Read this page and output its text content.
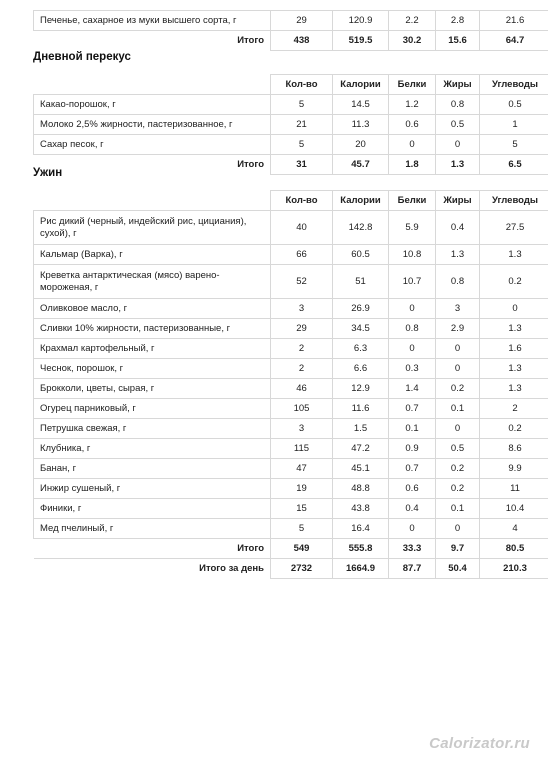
Печенье, сахарное из муки высшего сорта, г	29	120.9	2.2	2.8	21.6
Итого	438	519.5	30.2	15.6	64.7
Дневной перекус
	Кол-во	Калории	Белки	Жиры	Углеводы
Какао-порошок, г	5	14.5	1.2	0.8	0.5
Молоко 2,5% жирности, пастеризованное, г	21	11.3	0.6	0.5	1
Сахар песок, г	5	20	0	0	5
Итого	31	45.7	1.8	1.3	6.5
Ужин
	Кол-во	Калории	Белки	Жиры	Углеводы
Рис дикий (черный, индейский рис, цициания), сухой), г	40	142.8	5.9	0.4	27.5
Кальмар (Варка), г	66	60.5	10.8	1.3	1.3
Креветка антарктическая (мясо) варено-мороженая, г	52	51	10.7	0.8	0.2
Оливковое масло, г	3	26.9	0	3	0
Сливки 10% жирности, пастеризованные, г	29	34.5	0.8	2.9	1.3
Крахмал картофельный, г	2	6.3	0	0	1.6
Чеснок, порошок, г	2	6.6	0.3	0	1.3
Брокколи, цветы, сырая, г	46	12.9	1.4	0.2	1.3
Огурец парниковый, г	105	11.6	0.7	0.1	2
Петрушка свежая, г	3	1.5	0.1	0	0.2
Клубника, г	115	47.2	0.9	0.5	8.6
Банан, г	47	45.1	0.7	0.2	9.9
Инжир сушеный, г	19	48.8	0.6	0.2	11
Финики, г	15	43.8	0.4	0.1	10.4
Мед пчелиный, г	5	16.4	0	0	4
Итого	549	555.8	33.3	9.7	80.5
Итого за день	2732	1664.9	87.7	50.4	210.3
Calorizator.ru
